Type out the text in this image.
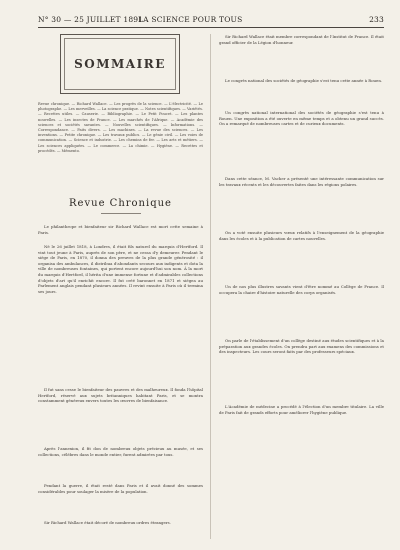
N° 30 — 25 JUILLET 1891
LA SCIENCE POUR TOUS	233
SOMMAIRE
Revue chronique. — Richard Wallace. — Les progrès de la science. — L'électricité. — Le photographe. — Les merveilles. — La science pratique. — Notes scientifiques. — Variétés. — Recettes utiles. — Causerie. — Bibliographie. — Le Petit Poucet. — Les plantes nouvelles. — Les insectes de France. — Les marchés de l'Afrique. — Académie des sciences et sociétés savantes. — Nouvelles scientifiques. — Informations. — Correspondance. — Faits divers. — Les machines. — La revue des sciences. — Les inventions. — Petite chronique. — Les travaux publics. — Le génie civil. — Les voies de communication. — Science et industrie. — Les chemins de fer. — Les arts et métiers. — Les sciences appliquées. — Le commerce. — La chimie. — Hygiène. — Recettes et procédés. — Mémento.
Revue Chronique

Le philanthrope et bienfaiteur sir Richard Wallace est mort cette semaine à Paris.

Né le 26 juillet 1818, à Londres, il était fils naturel du marquis d'Hertford. Il vint tout jeune à Paris, auprès de son père, et ne cessa d'y demeurer. Pendant le siège de Paris, en 1870, il donna des preuves de la plus grande générosité : il organisa des ambulances, il distribua d'abondants secours aux indigents et dota la ville de nombreuses fontaines, qui portent encore aujourd'hui son nom. À la mort du marquis d'Hertford, il hérita d'une immense fortune et d'admirables collections d'objets d'art qu'il enrichit encore. Il fut créé baronnet en 1871 et siégea au Parlement anglais pendant plusieurs années. Il revint ensuite à Paris où il termina ses jours.

Il fut sans cesse le bienfaiteur des pauvres et des malheureux. Il fonda l'hôpital Hertford, réservé aux sujets britanniques habitant Paris, et se montra constamment généreux envers toutes les œuvres de bienfaisance.

Après l'annexion, il fit don de nombreux objets précieux au musée, et ses collections, célèbres dans le monde entier, furent admirées par tous.

Pendant la guerre, il était resté dans Paris et il avait donné des sommes considérables pour soulager la misère de la population.

Sir Richard Wallace était décoré de nombreux ordres étrangers.

Sir Richard Wallace était membre correspondant de l'Institut de France. Il était grand officier de la Légion d'honneur.

Le congrès national des sociétés de géographie s'est tenu cette année à Rouen.

Un congrès national international des sociétés de géographie s'est tenu à Rouen. Une exposition a été ouverte en même temps et a obtenu un grand succès. On a remarqué de nombreuses cartes et de curieux documents.

Dans cette séance, M. Vacher a présenté une intéressante communication sur les travaux récents et les découvertes faites dans les régions polaires.

On a voté ensuite plusieurs vœux relatifs à l'enseignement de la géographie dans les écoles et à la publication de cartes nouvelles.

Un de nos plus illustres savants vient d'être nommé au Collège de France. Il occupera la chaire d'histoire naturelle des corps organisés.

On parle de l'établissement d'un collège destiné aux études scientifiques et à la préparation aux grandes écoles. On prendra part aux examens des commissions et des inspecteurs. Les cours seront faits par des professeurs spéciaux.

L'Académie de médecine a procédé à l'élection d'un membre titulaire. La ville de Paris fait de grands efforts pour améliorer l'hygiène publique.
